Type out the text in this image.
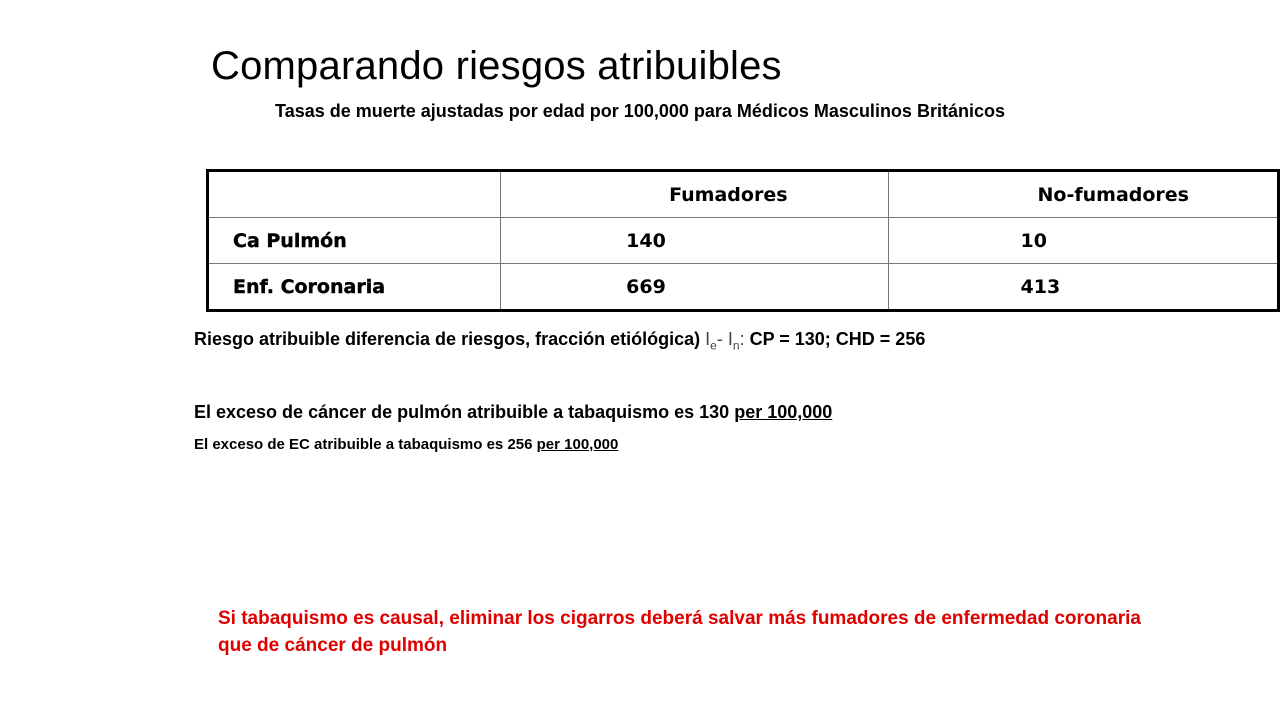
Comparando riesgos atribuibles
Tasas de muerte ajustadas por edad por 100,000 para Médicos Masculinos Británicos
	Fumadores	No-fumadores
Ca Pulmón	140	10
Enf. Coronaria	669	413
Riesgo atribuible diferencia de riesgos, fracción etiólógica) $I_e-$ $I_n$: CP = 130; CHD = 256
El exceso de cáncer de pulmón atribuible a tabaquismo es 130 per 100,000
El exceso de EC atribuible a tabaquismo es 256 per 100,000
Si tabaquismo es causal, eliminar los cigarros deberá salvar más fumadores de enfermedad coronaria que de cáncer de pulmón
